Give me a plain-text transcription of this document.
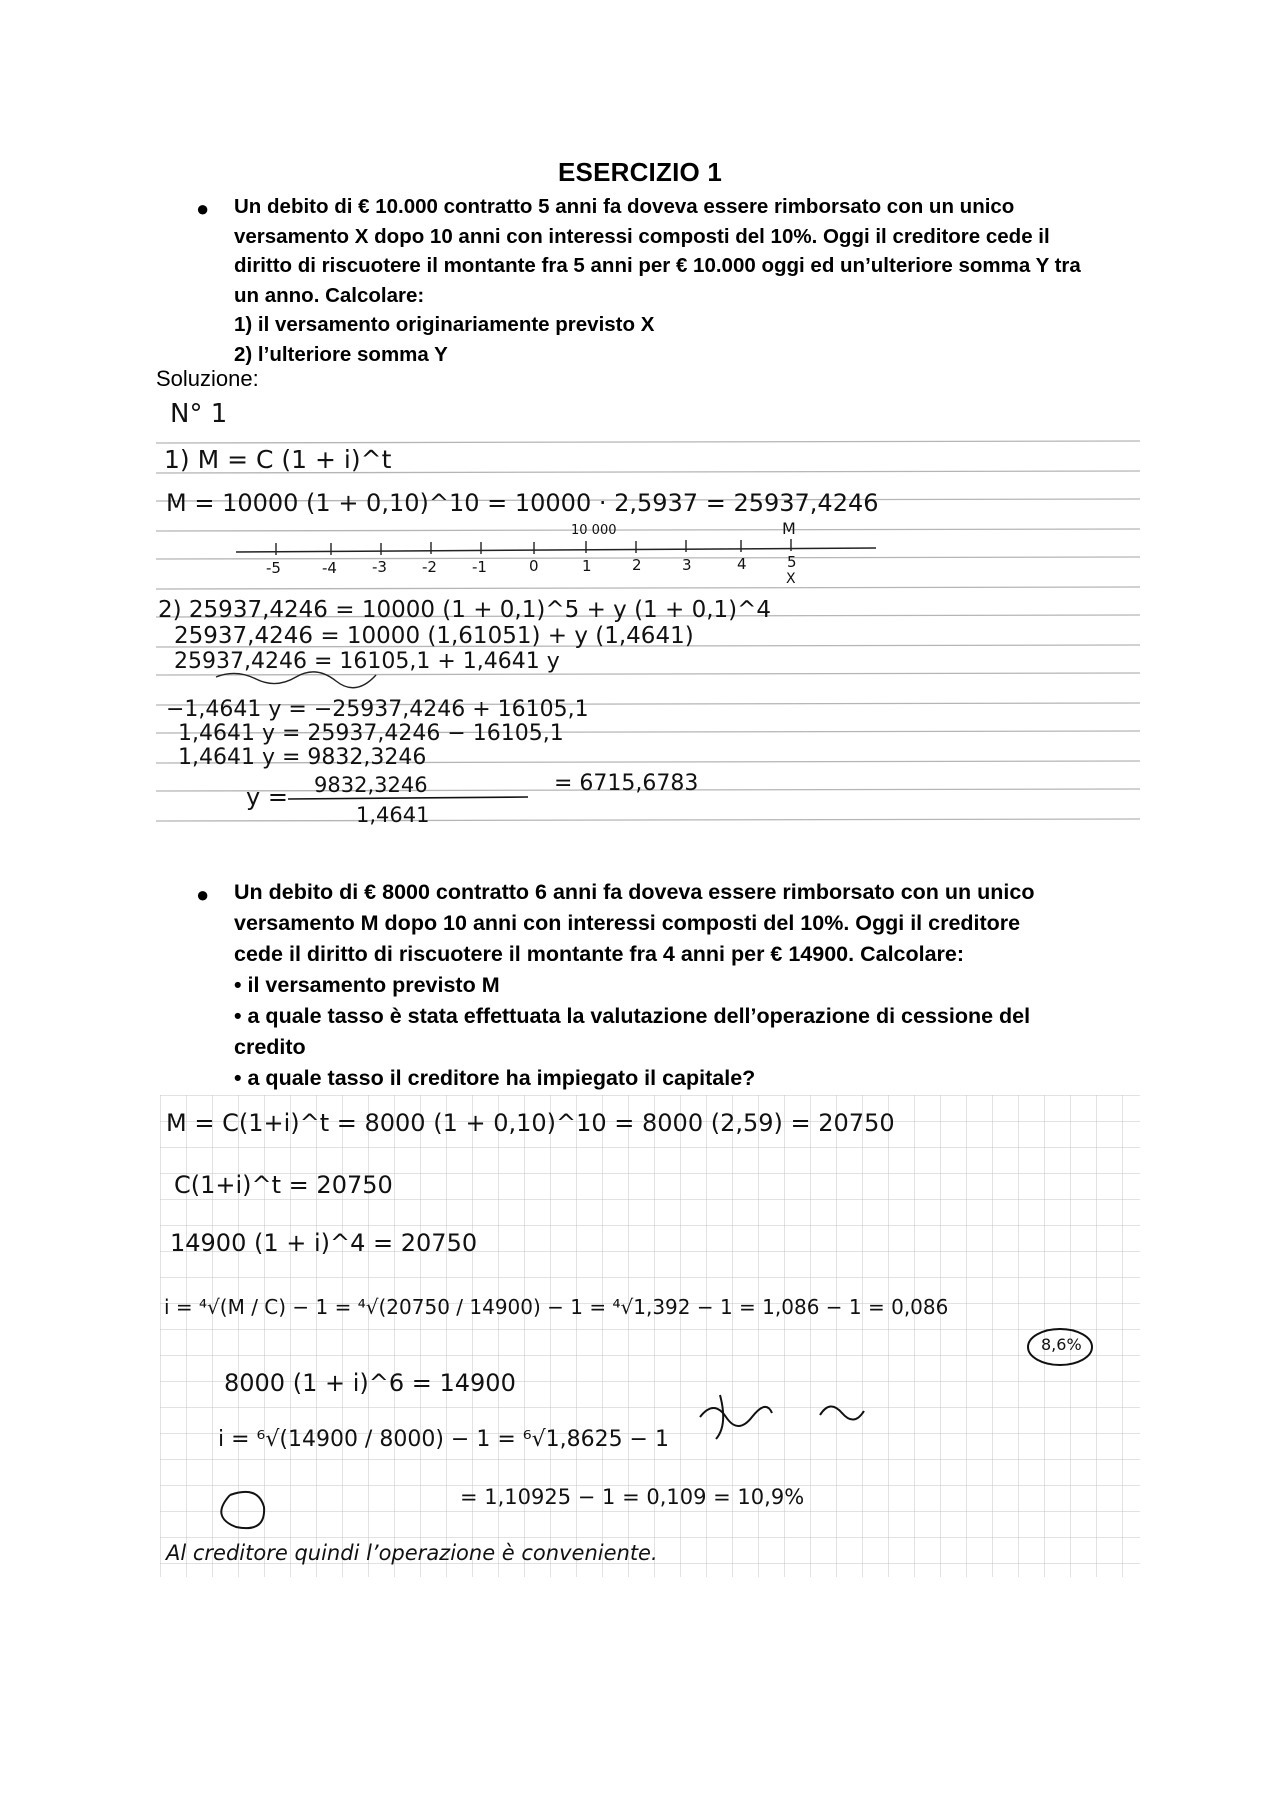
ESERCIZIO 1
● Un debito di € 10.000 contratto 5 anni fa doveva essere rimborsato con un unico
versamento X dopo 10 anni con interessi composti del 10%. Oggi il creditore cede il
diritto di riscuotere il montante fra 5 anni per € 10.000 oggi ed un’ulteriore somma Y tra
un anno. Calcolare:
1) il versamento originariamente previsto X
2) l’ulteriore somma Y
Soluzione:
N° 1
1) M = C (1 + i)^t
M = 10000 (1 + 0,10)^10 = 10000 · 2,5937 = 25937,4246
10 000	M
-5	-4 -3 -2 -1	0	1	2	3	4	5
X
2) 25937,4246 = 10000 (1 + 0,1)^5 + y (1 + 0,1)^4
25937,4246 = 10000 (1,61051) + y (1,4641)
25937,4246 = 16105,1 + 1,4641 y
−1,4641 y = −25937,4246 + 16105,1
1,4641 y = 25937,4246 − 16105,1
1,4641 y = 9832,3246
y = 9832,3246
1,4641
= 6715,6783
● Un debito di € 8000 contratto 6 anni fa doveva essere rimborsato con un unico
versamento M dopo 10 anni con interessi composti del 10%. Oggi il creditore
cede il diritto di riscuotere il montante fra 4 anni per € 14900. Calcolare:
• il versamento previsto M
• a quale tasso è stata effettuata la valutazione dell’operazione di cessione del
credito
• a quale tasso il creditore ha impiegato il capitale?
M = C(1+i)^t = 8000 (1 + 0,10)^10 = 8000 (2,59) = 20750
C(1+i)^t = 20750
14900 (1 + i)^4 = 20750
i = ⁴√(M / C) − 1 = ⁴√(20750 / 14900) − 1 = ⁴√1,392 − 1 = 1,086 − 1 = 0,086
8,6%
8000 (1 + i)^6 = 14900
i = ⁶√(14900 / 8000) − 1 = ⁶√1,8625 − 1
= 1,10925 − 1 = 0,109 = 10,9%
Al creditore quindi l’operazione è conveniente.
